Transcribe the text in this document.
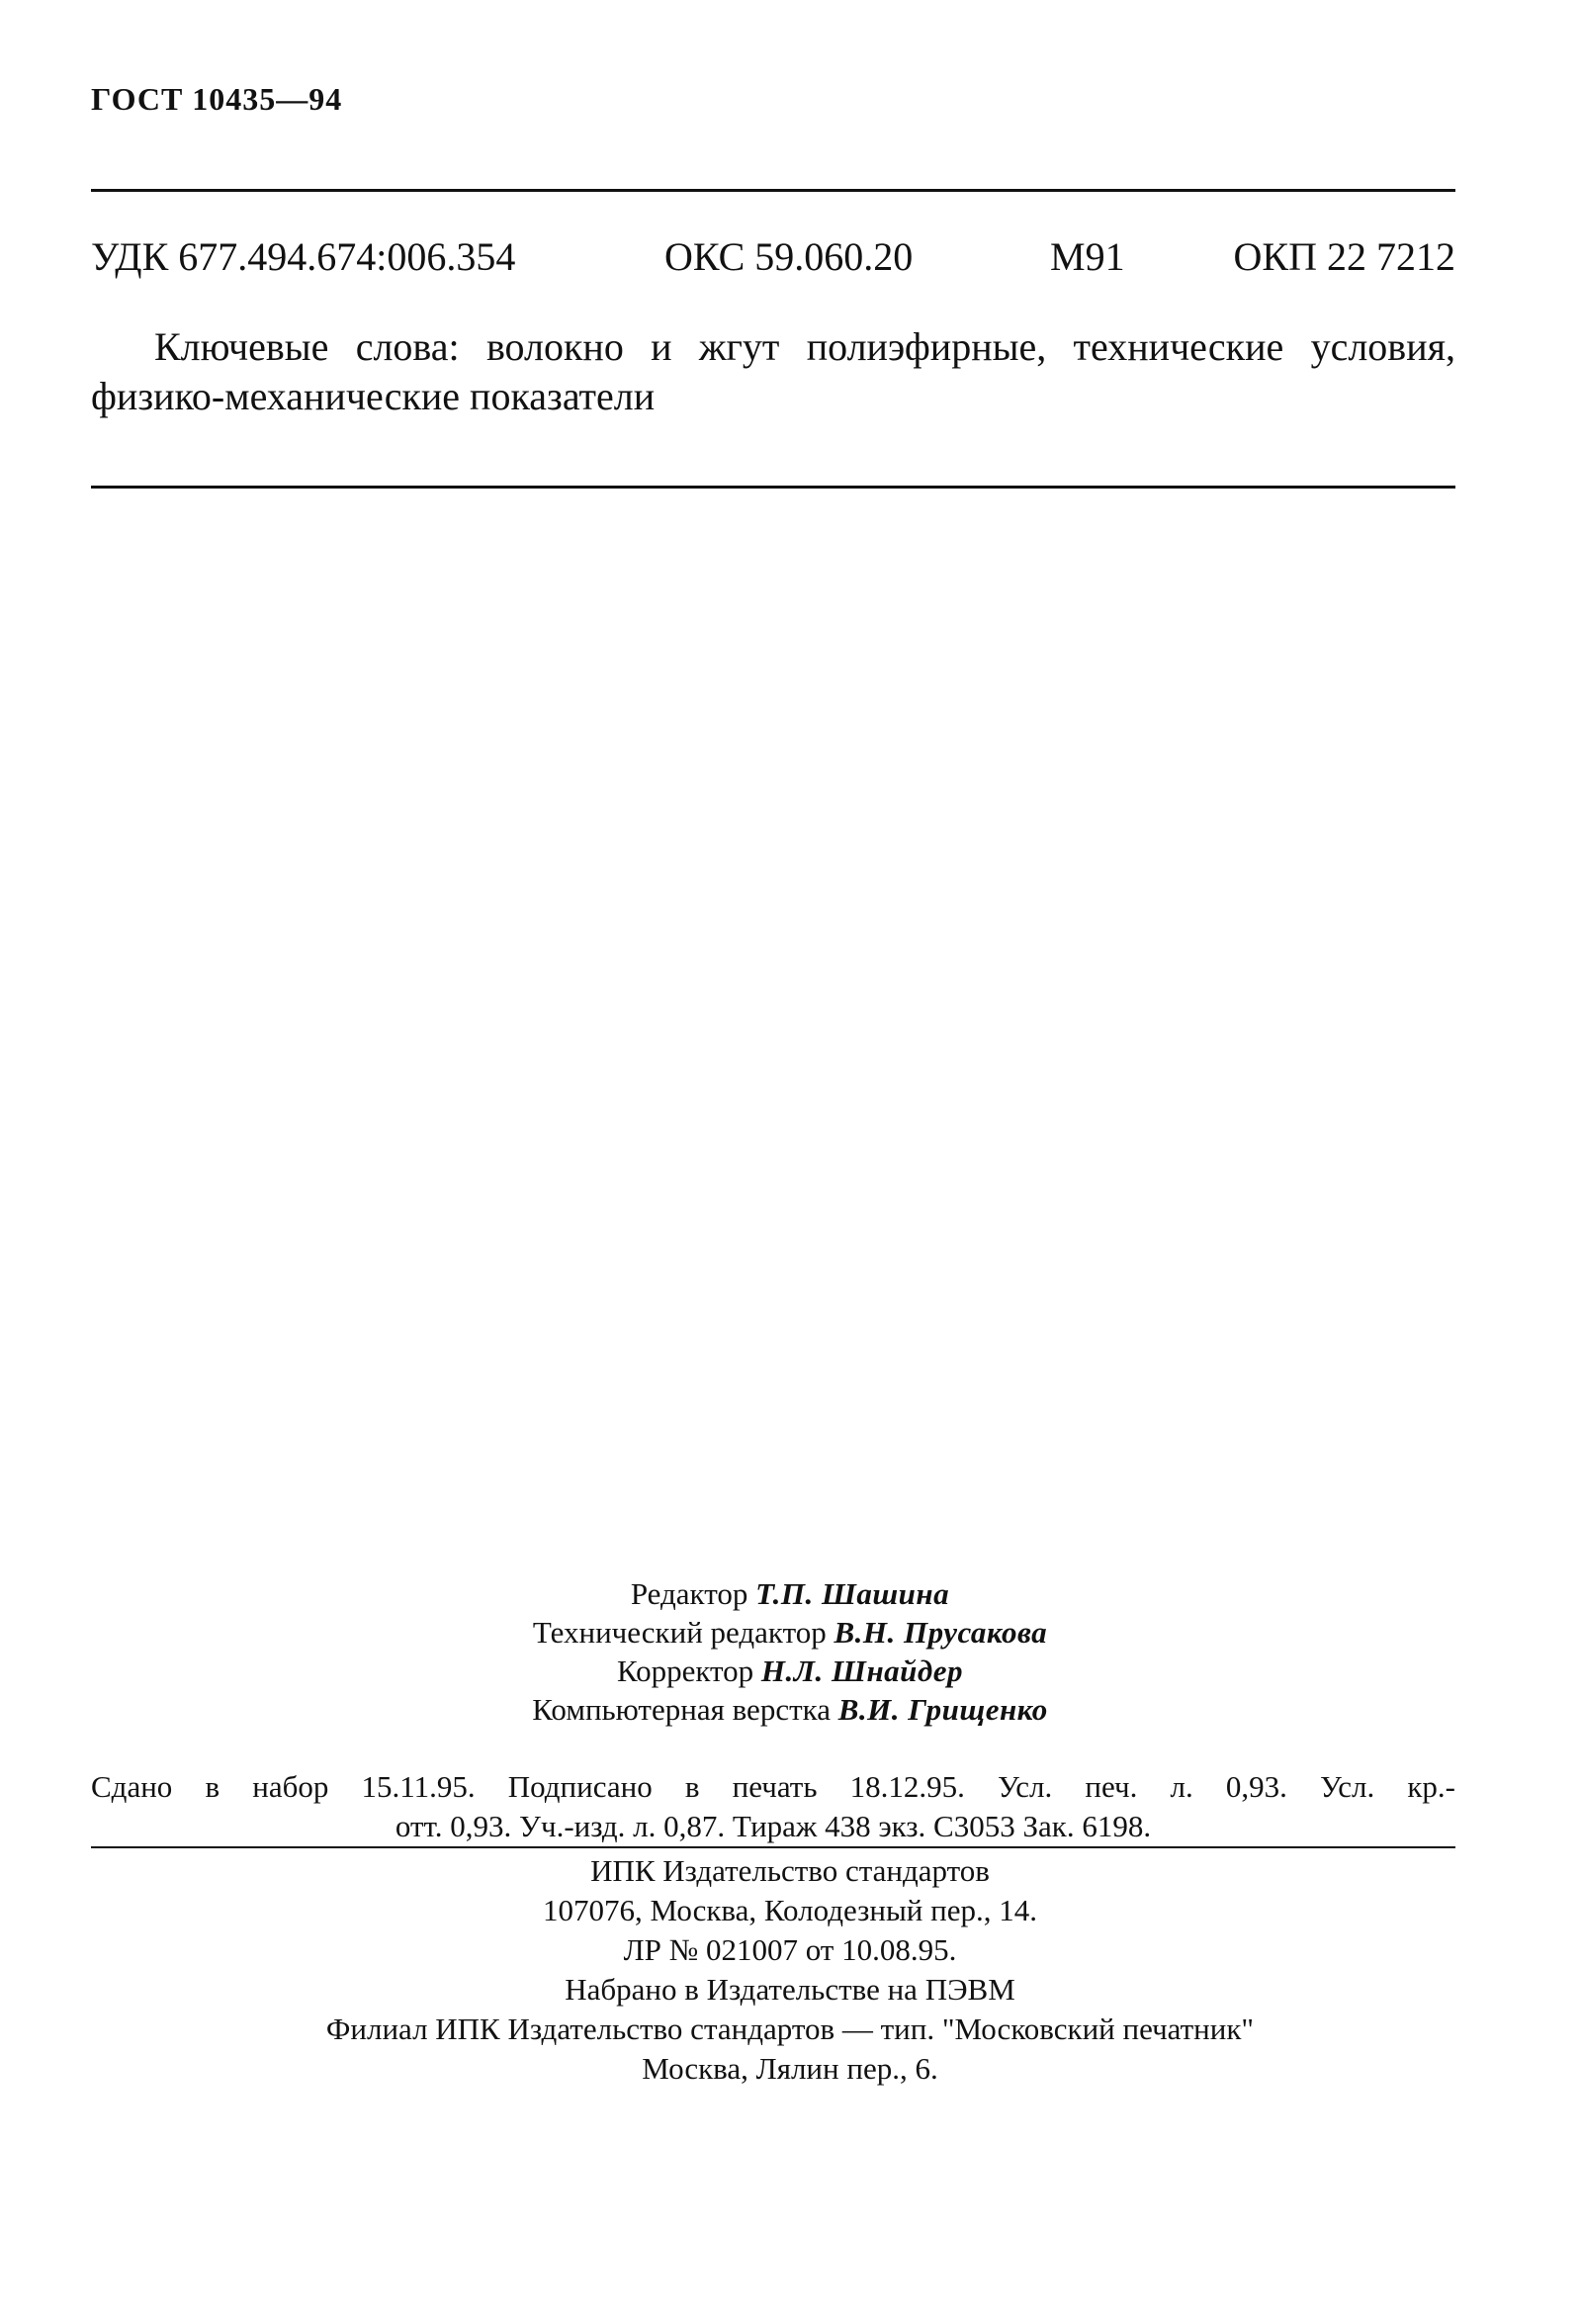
ГОСТ 10435—94
УДК 677.494.674:006.354	ОКС 59.060.20	М91	ОКП 22 7212
Ключевые слова: волокно и жгут полиэфирные, технические условия, физико-механические показатели
Редактор Т.П. Шашина
Технический редактор В.Н. Прусакова
Корректор Н.Л. Шнайдер
Компьютерная верстка В.И. Грищенко
Сдано в набор 15.11.95. Подписано в печать 18.12.95. Усл. печ. л. 0,93. Усл. кр.-
отт. 0,93. Уч.-изд. л. 0,87. Тираж 438 экз. С3053 Зак. 6198.
ИПК Издательство стандартов
107076, Москва, Колодезный пер., 14.
ЛР № 021007 от 10.08.95.
Набрано в Издательстве на ПЭВМ
Филиал ИПК Издательство стандартов — тип. "Московский печатник"
Москва, Лялин пер., 6.
